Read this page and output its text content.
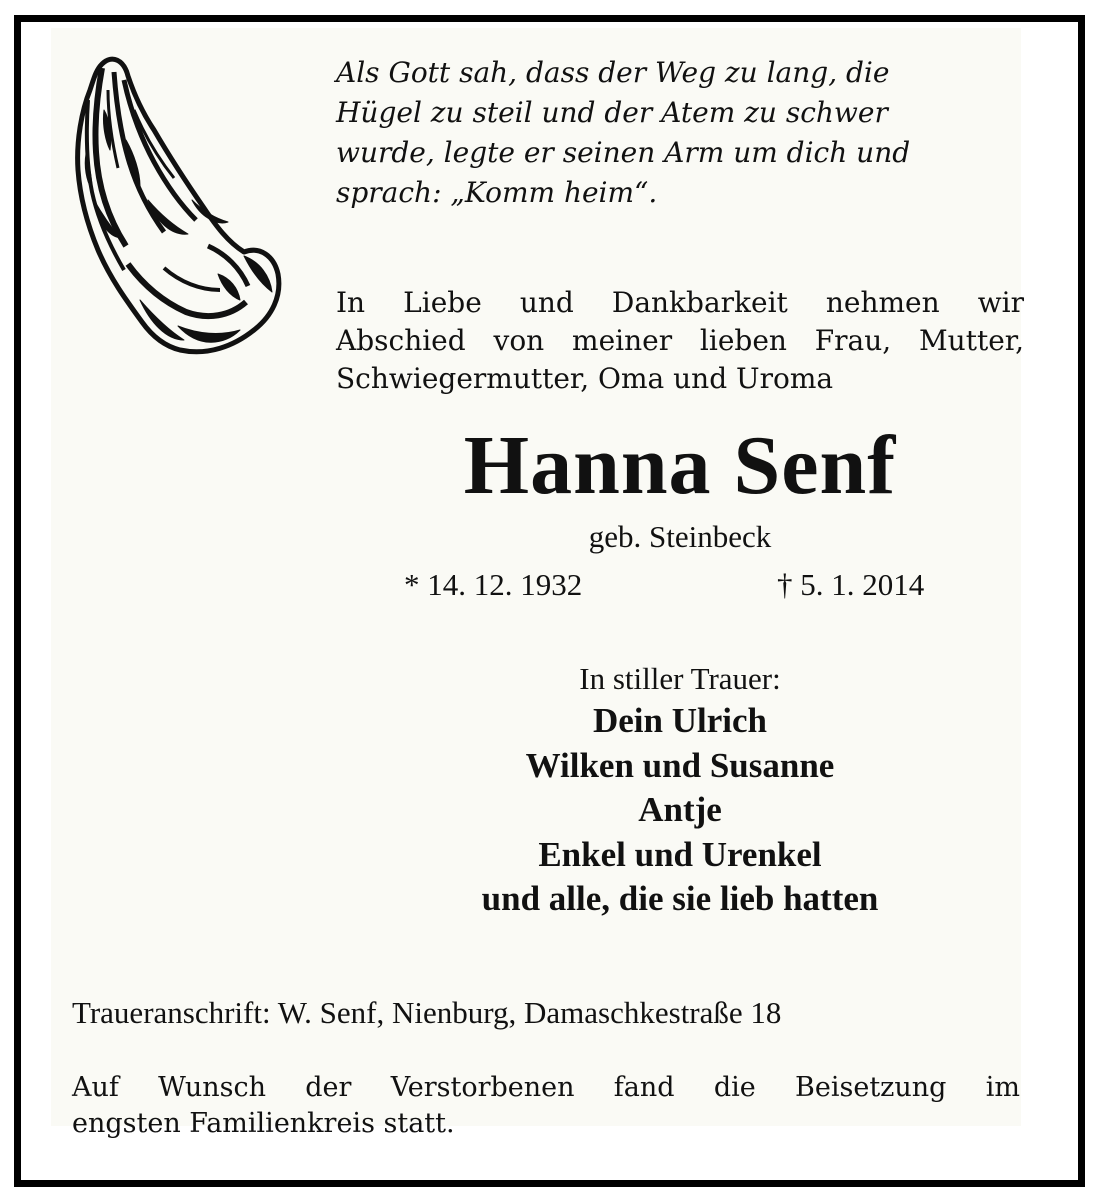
Als Gott sah, dass der Weg zu lang, die
Hügel zu steil und der Atem zu schwer
wurde, legte er seinen Arm um dich und
sprach: „Komm heim“.
In Liebe und Dankbarkeit nehmen wir
Abschied von meiner lieben Frau, Mutter,
Schwiegermutter, Oma und Uroma
Hanna Senf
geb. Steinbeck
* 14. 12. 1932	† 5. 1. 2014
In stiller Trauer:
Dein Ulrich
Wilken und Susanne
Antje
Enkel und Urenkel
und alle, die sie lieb hatten
Traueranschrift: W. Senf, Nienburg, Damaschkestraße 18
Auf Wunsch der Verstorbenen fand die Beisetzung im
engsten Familienkreis statt.
